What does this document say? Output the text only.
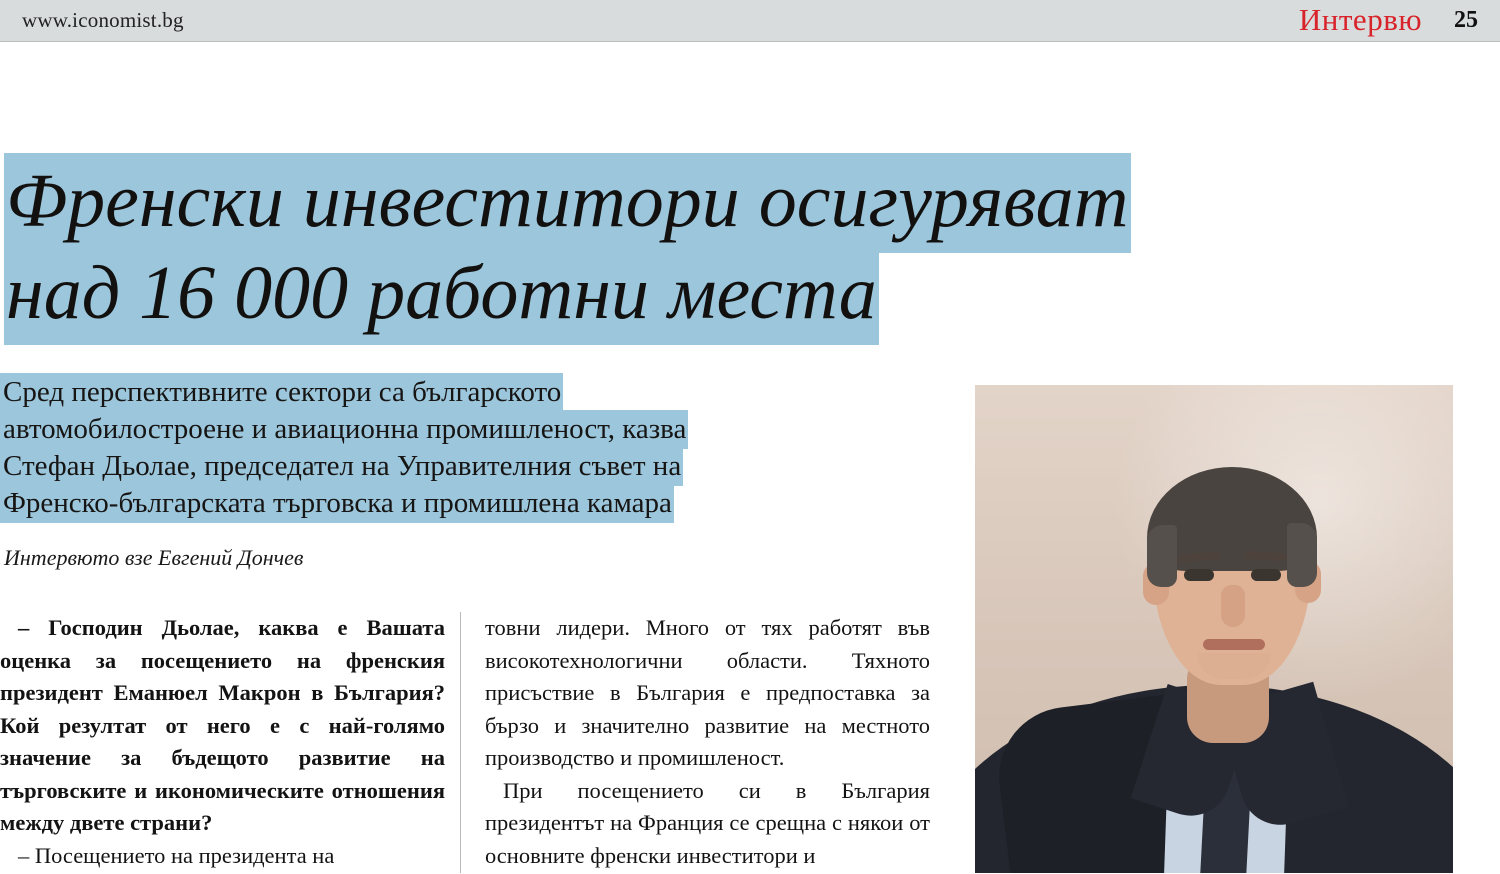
www.iconomist.bg	Интервю 25
Френски инвеститори осигуряват
над 16 000 работни места
Сред перспективните сектори са българското
автомобилостроене и авиационна промишленост, казва
Стефан Дьолае, председател на Управителния съвет на
Френско-българската търговска и промишлена камара
Интервюто взе Евгений Дончев

– Господин Дьолае, каква е Вашата оценка за посещението на френския президент Еманюел Макрон в България? Кой резултат от него е с най-голямо значение за бъдещото развитие на търговските и икономическите отношения между двете страни?

– Посещението на президента на

товни лидери. Много от тях работят във високотехнологични области. Тяхното присъствие в България е предпоставка за бързо и значително развитие на местното производство и промишленост.

При посещението си в България президентът на Франция се срещна с някои от основните френски инвеститори и
